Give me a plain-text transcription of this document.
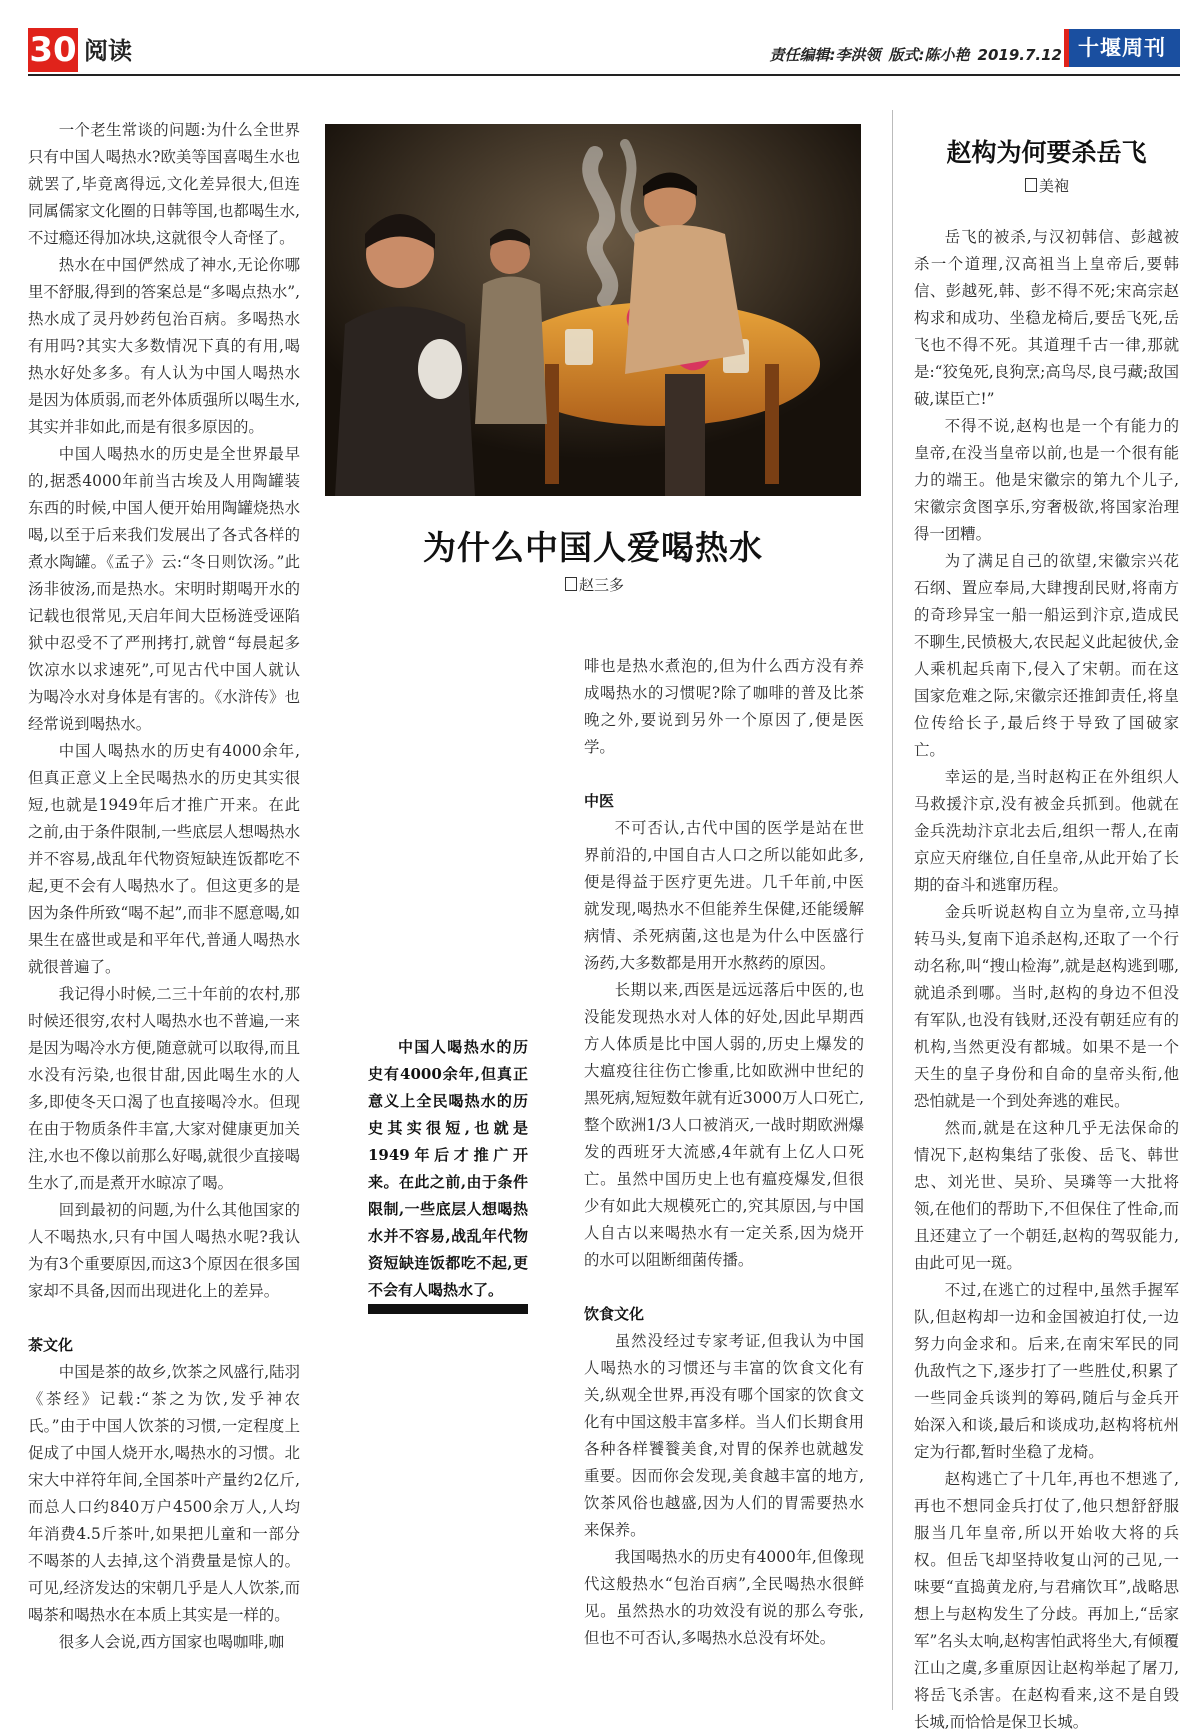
30 阅读	责任编辑:李洪领 版式:陈小艳 2019.7.12 十堰周刊

一个老生常谈的问题:为什么全世界只有中国人喝热水?欧美等国喜喝生水也就罢了,毕竟离得远,文化差异很大,但连同属儒家文化圈的日韩等国,也都喝生水,不过瘾还得加冰块,这就很令人奇怪了。

热水在中国俨然成了神水,无论你哪里不舒服,得到的答案总是“多喝点热水”,热水成了灵丹妙药包治百病。多喝热水有用吗?其实大多数情况下真的有用,喝热水好处多多。有人认为中国人喝热水是因为体质弱,而老外体质强所以喝生水,其实并非如此,而是有很多原因的。

中国人喝热水的历史是全世界最早的,据悉4000年前当古埃及人用陶罐装东西的时候,中国人便开始用陶罐烧热水喝,以至于后来我们发展出了各式各样的煮水陶罐。《孟子》云:“冬日则饮汤。”此汤非彼汤,而是热水。宋明时期喝开水的记载也很常见,天启年间大臣杨涟受诬陷狱中忍受不了严刑拷打,就曾“每晨起多饮凉水以求速死”,可见古代中国人就认为喝冷水对身体是有害的。《水浒传》也经常说到喝热水。

中国人喝热水的历史有4000余年,但真正意义上全民喝热水的历史其实很短,也就是1949年后才推广开来。在此之前,由于条件限制,一些底层人想喝热水并不容易,战乱年代物资短缺连饭都吃不起,更不会有人喝热水了。但这更多的是因为条件所致“喝不起”,而非不愿意喝,如果生在盛世或是和平年代,普通人喝热水就很普遍了。

我记得小时候,二三十年前的农村,那时候还很穷,农村人喝热水也不普遍,一来是因为喝冷水方便,随意就可以取得,而且水没有污染,也很甘甜,因此喝生水的人多,即使冬天口渴了也直接喝冷水。但现在由于物质条件丰富,大家对健康更加关注,水也不像以前那么好喝,就很少直接喝生水了,而是煮开水晾凉了喝。

回到最初的问题,为什么其他国家的人不喝热水,只有中国人喝热水呢?我认为有3个重要原因,而这3个原因在很多国家却不具备,因而出现进化上的差异。

茶文化

中国是茶的故乡,饮茶之风盛行,陆羽《茶经》记载:“茶之为饮,发乎神农氏。”由于中国人饮茶的习惯,一定程度上促成了中国人烧开水,喝热水的习惯。北宋大中祥符年间,全国茶叶产量约2亿斤,而总人口约840万户4500余万人,人均年消费4.5斤茶叶,如果把儿童和一部分不喝茶的人去掉,这个消费量是惊人的。可见,经济发达的宋朝几乎是人人饮茶,而喝茶和喝热水在本质上其实是一样的。

很多人会说,西方国家也喝咖啡,咖

为什么中国人爱喝热水
赵三多

中国人喝热水的历史有4000余年,但真正意义上全民喝热水的历史其实很短,也就是1949年后才推广开来。在此之前,由于条件限制,一些底层人想喝热水并不容易,战乱年代物资短缺连饭都吃不起,更不会有人喝热水了。

啡也是热水煮泡的,但为什么西方没有养成喝热水的习惯呢?除了咖啡的普及比茶晚之外,要说到另外一个原因了,便是医学。

中医

不可否认,古代中国的医学是站在世界前沿的,中国自古人口之所以能如此多,便是得益于医疗更先进。几千年前,中医就发现,喝热水不但能养生保健,还能缓解病情、杀死病菌,这也是为什么中医盛行汤药,大多数都是用开水熬药的原因。

长期以来,西医是远远落后中医的,也没能发现热水对人体的好处,因此早期西方人体质是比中国人弱的,历史上爆发的大瘟疫往往伤亡惨重,比如欧洲中世纪的黑死病,短短数年就有近3000万人口死亡,整个欧洲1/3人口被消灭,一战时期欧洲爆发的西班牙大流感,4年就有上亿人口死亡。虽然中国历史上也有瘟疫爆发,但很少有如此大规模死亡的,究其原因,与中国人自古以来喝热水有一定关系,因为烧开的水可以阻断细菌传播。

饮食文化

虽然没经过专家考证,但我认为中国人喝热水的习惯还与丰富的饮食文化有关,纵观全世界,再没有哪个国家的饮食文化有中国这般丰富多样。当人们长期食用各种各样饕餮美食,对胃的保养也就越发重要。因而你会发现,美食越丰富的地方,饮茶风俗也越盛,因为人们的胃需要热水来保养。

我国喝热水的历史有4000年,但像现代这般热水“包治百病”,全民喝热水很鲜见。虽然热水的功效没有说的那么夸张,但也不可否认,多喝热水总没有坏处。

赵构为何要杀岳飞
美袍

岳飞的被杀,与汉初韩信、彭越被杀一个道理,汉高祖当上皇帝后,要韩信、彭越死,韩、彭不得不死;宋高宗赵构求和成功、坐稳龙椅后,要岳飞死,岳飞也不得不死。其道理千古一律,那就是:“狡兔死,良狗烹;高鸟尽,良弓藏;敌国破,谋臣亡!”

不得不说,赵构也是一个有能力的皇帝,在没当皇帝以前,也是一个很有能力的端王。他是宋徽宗的第九个儿子,宋徽宗贪图享乐,穷奢极欲,将国家治理得一团糟。

为了满足自己的欲望,宋徽宗兴花石纲、置应奉局,大肆搜刮民财,将南方的奇珍异宝一船一船运到汴京,造成民不聊生,民愤极大,农民起义此起彼伏,金人乘机起兵南下,侵入了宋朝。而在这国家危难之际,宋徽宗还推卸责任,将皇位传给长子,最后终于导致了国破家亡。

幸运的是,当时赵构正在外组织人马救援汴京,没有被金兵抓到。他就在金兵洗劫汴京北去后,组织一帮人,在南京应天府继位,自任皇帝,从此开始了长期的奋斗和逃窜历程。

金兵听说赵构自立为皇帝,立马掉转马头,复南下追杀赵构,还取了一个行动名称,叫“搜山检海”,就是赵构逃到哪,就追杀到哪。当时,赵构的身边不但没有军队,也没有钱财,还没有朝廷应有的机构,当然更没有都城。如果不是一个天生的皇子身份和自命的皇帝头衔,他恐怕就是一个到处奔逃的难民。

然而,就是在这种几乎无法保命的情况下,赵构集结了张俊、岳飞、韩世忠、刘光世、吴玠、吴璘等一大批将领,在他们的帮助下,不但保住了性命,而且还建立了一个朝廷,赵构的驾驭能力,由此可见一斑。

不过,在逃亡的过程中,虽然手握军队,但赵构却一边和金国被迫打仗,一边努力向金求和。后来,在南宋军民的同仇敌忾之下,逐步打了一些胜仗,积累了一些同金兵谈判的筹码,随后与金兵开始深入和谈,最后和谈成功,赵构将杭州定为行都,暂时坐稳了龙椅。

赵构逃亡了十几年,再也不想逃了,再也不想同金兵打仗了,他只想舒舒服服当几年皇帝,所以开始收大将的兵权。但岳飞却坚持收复山河的己见,一味要“直捣黄龙府,与君痛饮耳”,战略思想上与赵构发生了分歧。再加上,“岳家军”名头太响,赵构害怕武将坐大,有倾覆江山之虞,多重原因让赵构举起了屠刀,将岳飞杀害。在赵构看来,这不是自毁长城,而恰恰是保卫长城。
